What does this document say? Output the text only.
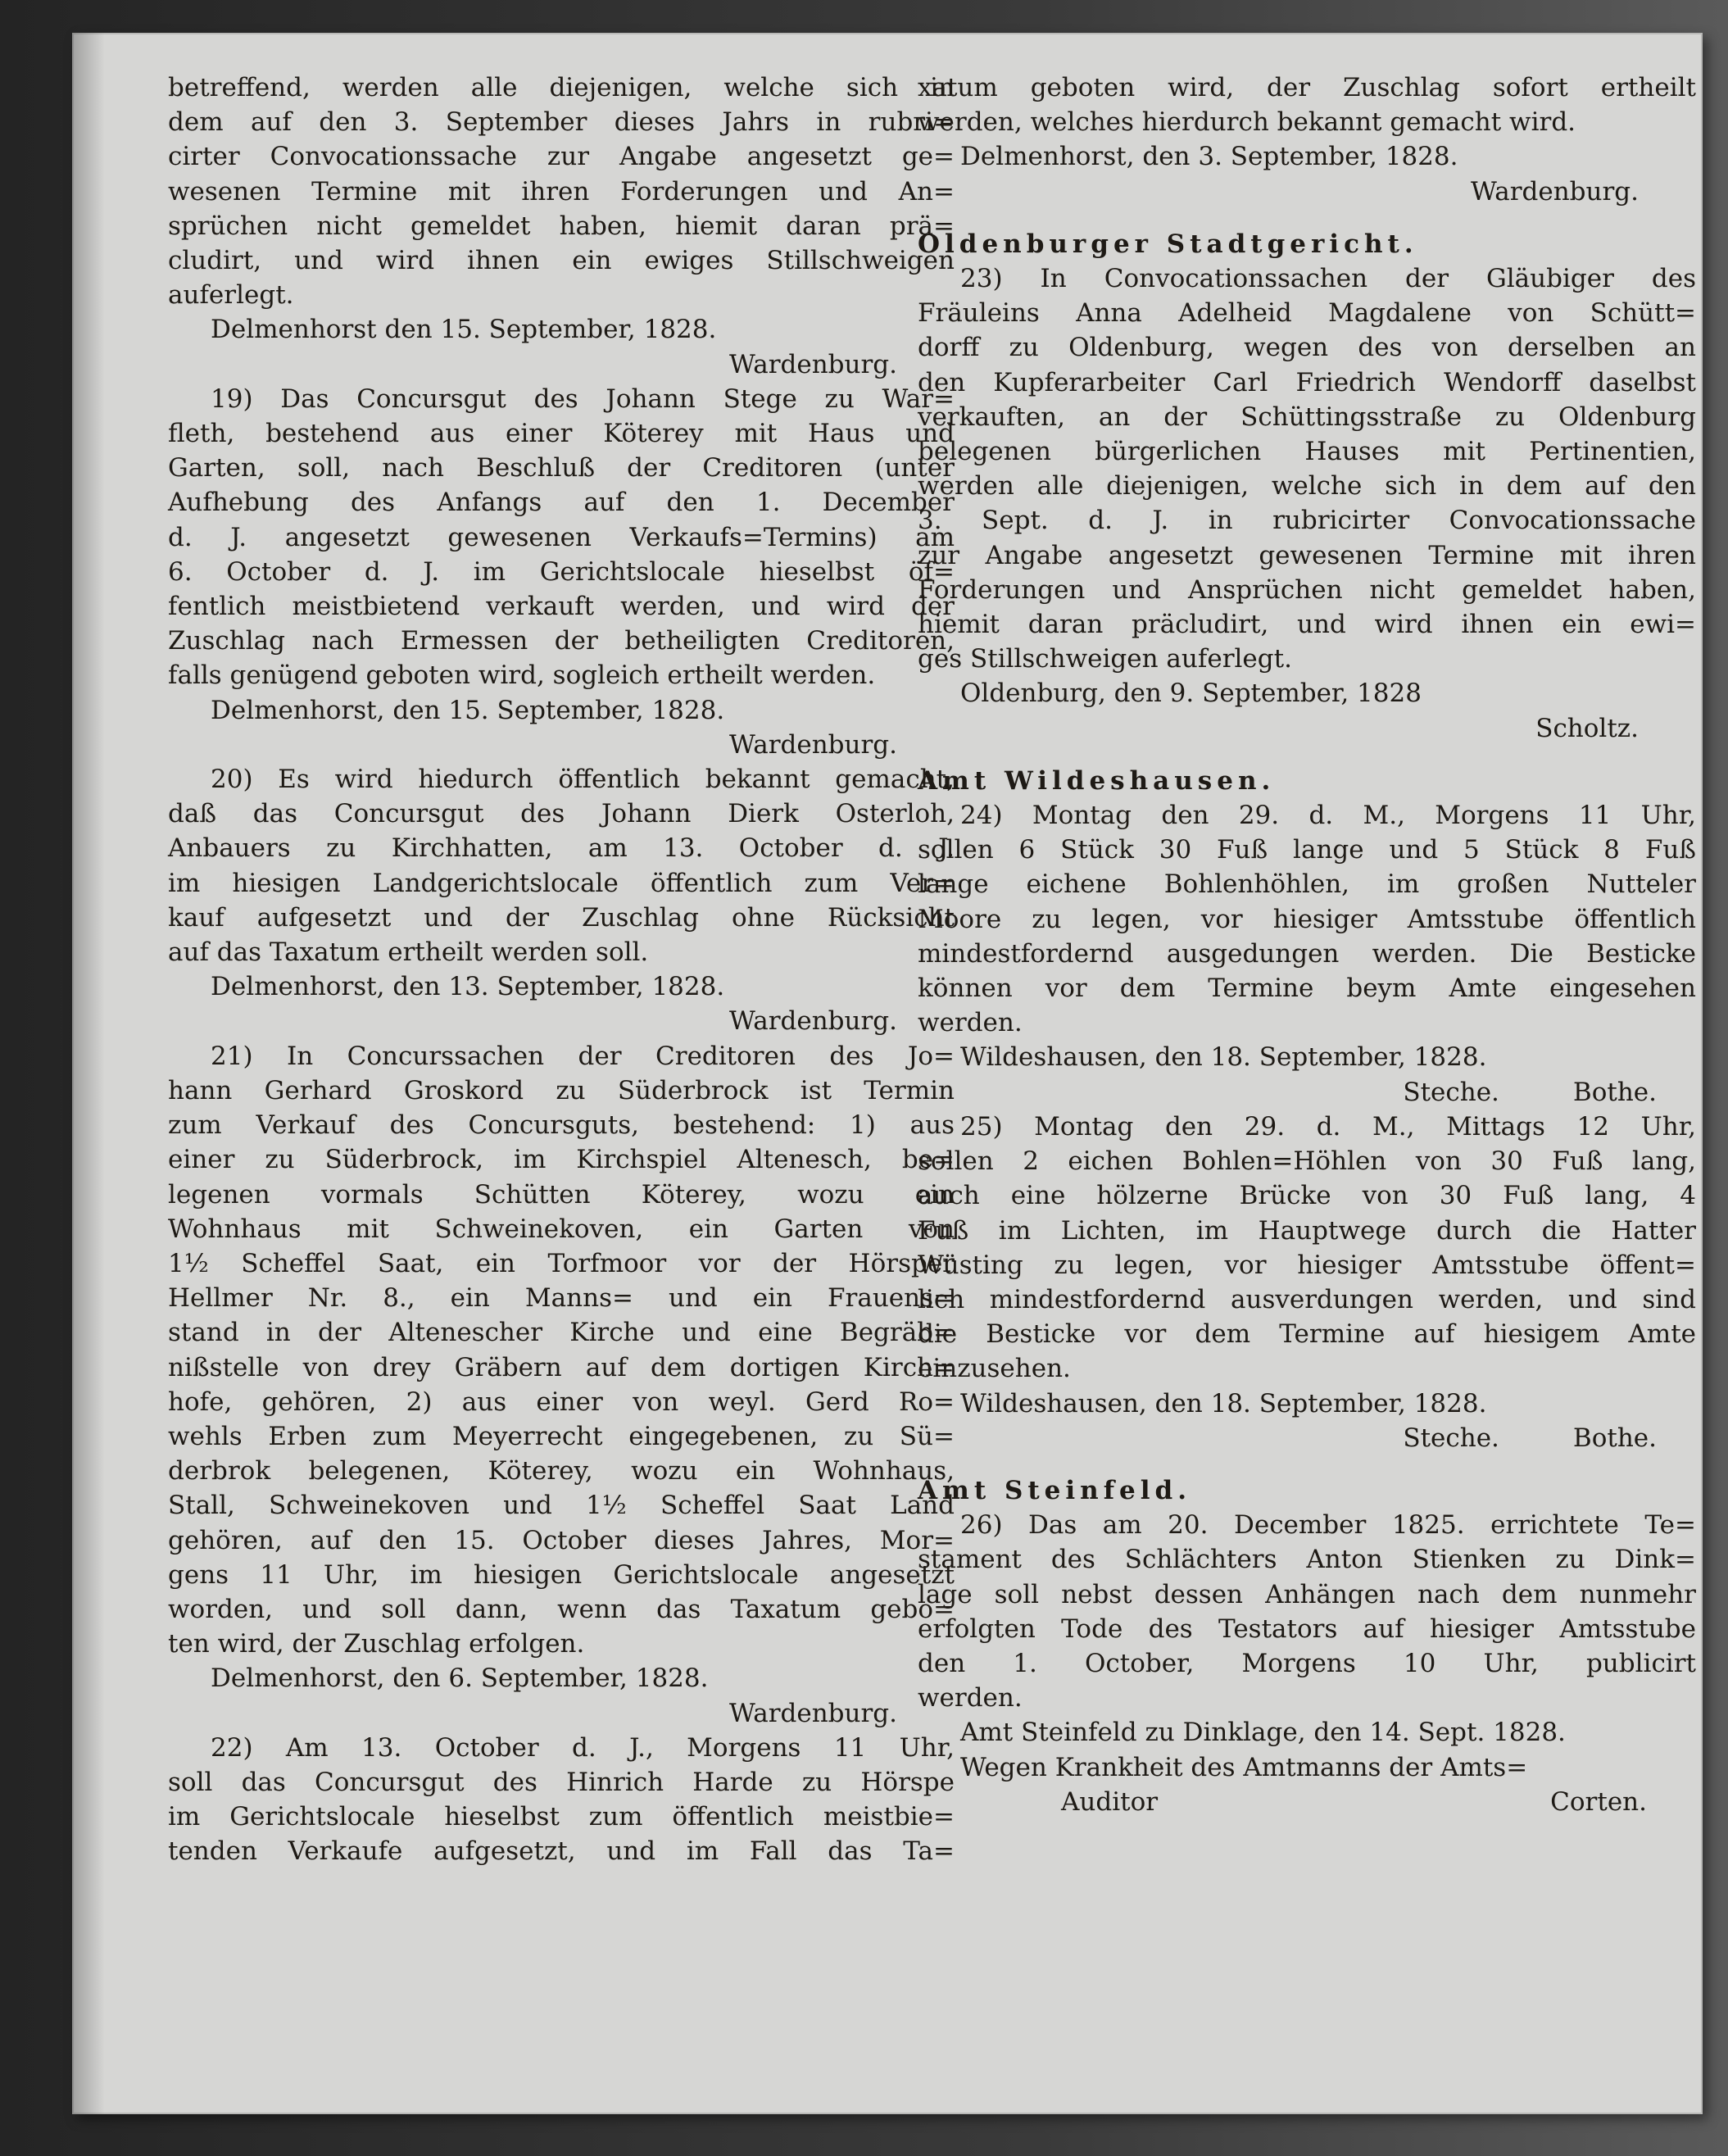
betreffend, werden alle diejenigen, welche sich in
dem auf den 3. September dieses Jahrs in rubri=
cirter Convocationssache zur Angabe angesetzt ge=
wesenen Termine mit ihren Forderungen und An=
sprüchen nicht gemeldet haben, hiemit daran prä=
cludirt, und wird ihnen ein ewiges Stillschweigen
auferlegt.
Delmenhorst den 15. September, 1828.
Wardenburg.
19) Das Concursgut des Johann Stege zu War=
fleth, bestehend aus einer Köterey mit Haus und
Garten, soll, nach Beschluß der Creditoren (unter
Aufhebung des Anfangs auf den 1. December
d. J. angesetzt gewesenen Verkaufs=Termins) am
6. October d. J. im Gerichtslocale hieselbst öf=
fentlich meistbietend verkauft werden, und wird der
Zuschlag nach Ermessen der betheiligten Creditoren,
falls genügend geboten wird, sogleich ertheilt werden.
Delmenhorst, den 15. September, 1828.
Wardenburg.
20) Es wird hiedurch öffentlich bekannt gemacht,
daß das Concursgut des Johann Dierk Osterloh,
Anbauers zu Kirchhatten, am 13. October d. J.
im hiesigen Landgerichtslocale öffentlich zum Ver=
kauf aufgesetzt und der Zuschlag ohne Rücksicht
auf das Taxatum ertheilt werden soll.
Delmenhorst, den 13. September, 1828.
Wardenburg.
21) In Concurssachen der Creditoren des Jo=
hann Gerhard Groskord zu Süderbrock ist Termin
zum Verkauf des Concursguts, bestehend: 1) aus
einer zu Süderbrock, im Kirchspiel Altenesch, be=
legenen vormals Schütten Köterey, wozu ein
Wohnhaus mit Schweinekoven, ein Garten von
1½ Scheffel Saat, ein Torfmoor vor der Hörsper
Hellmer Nr. 8., ein Manns= und ein Frauens=
stand in der Altenescher Kirche und eine Begräb=
nißstelle von drey Gräbern auf dem dortigen Kirch=
hofe, gehören, 2) aus einer von weyl. Gerd Ro=
wehls Erben zum Meyerrecht eingegebenen, zu Sü=
derbrok belegenen, Köterey, wozu ein Wohnhaus,
Stall, Schweinekoven und 1½ Scheffel Saat Land
gehören, auf den 15. October dieses Jahres, Mor=
gens 11 Uhr, im hiesigen Gerichtslocale angesetzt
worden, und soll dann, wenn das Taxatum gebo=
ten wird, der Zuschlag erfolgen.
Delmenhorst, den 6. September, 1828.
Wardenburg.
22) Am 13. October d. J., Morgens 11 Uhr,
soll das Concursgut des Hinrich Harde zu Hörspe
im Gerichtslocale hieselbst zum öffentlich meistbie=
tenden Verkaufe aufgesetzt, und im Fall das Ta=
xatum geboten wird, der Zuschlag sofort ertheilt
werden, welches hierdurch bekannt gemacht wird.
Delmenhorst, den 3. September, 1828.
Wardenburg.
Oldenburger Stadtgericht.
23) In Convocationssachen der Gläubiger des
Fräuleins Anna Adelheid Magdalene von Schütt=
dorff zu Oldenburg, wegen des von derselben an
den Kupferarbeiter Carl Friedrich Wendorff daselbst
verkauften, an der Schüttingsstraße zu Oldenburg
belegenen bürgerlichen Hauses mit Pertinentien,
werden alle diejenigen, welche sich in dem auf den
3. Sept. d. J. in rubricirter Convocationssache
zur Angabe angesetzt gewesenen Termine mit ihren
Forderungen und Ansprüchen nicht gemeldet haben,
hiemit daran präcludirt, und wird ihnen ein ewi=
ges Stillschweigen auferlegt.
Oldenburg, den 9. September, 1828
Scholtz.
Amt Wildeshausen.
24) Montag den 29. d. M., Morgens 11 Uhr,
sollen 6 Stück 30 Fuß lange und 5 Stück 8 Fuß
lange eichene Bohlenhöhlen, im großen Nutteler
Moore zu legen, vor hiesiger Amtsstube öffentlich
mindestfordernd ausgedungen werden. Die Besticke
können vor dem Termine beym Amte eingesehen
werden.
Wildeshausen, den 18. September, 1828.
Steche.	Bothe.
25) Montag den 29. d. M., Mittags 12 Uhr,
sollen 2 eichen Bohlen=Höhlen von 30 Fuß lang,
auch eine hölzerne Brücke von 30 Fuß lang, 4
Fuß im Lichten, im Hauptwege durch die Hatter
Wüsting zu legen, vor hiesiger Amtsstube öffent=
lich mindestfordernd ausverdungen werden, und sind
die Besticke vor dem Termine auf hiesigem Amte
einzusehen.
Wildeshausen, den 18. September, 1828.
Steche.	Bothe.
Amt Steinfeld.
26) Das am 20. December 1825. errichtete Te=
stament des Schlächters Anton Stienken zu Dink=
lage soll nebst dessen Anhängen nach dem nunmehr
erfolgten Tode des Testators auf hiesiger Amtsstube
den 1. October, Morgens 10 Uhr, publicirt
werden.
Amt Steinfeld zu Dinklage, den 14. Sept. 1828.
Wegen Krankheit des Amtmanns der Amts=
Auditor	Corten.
